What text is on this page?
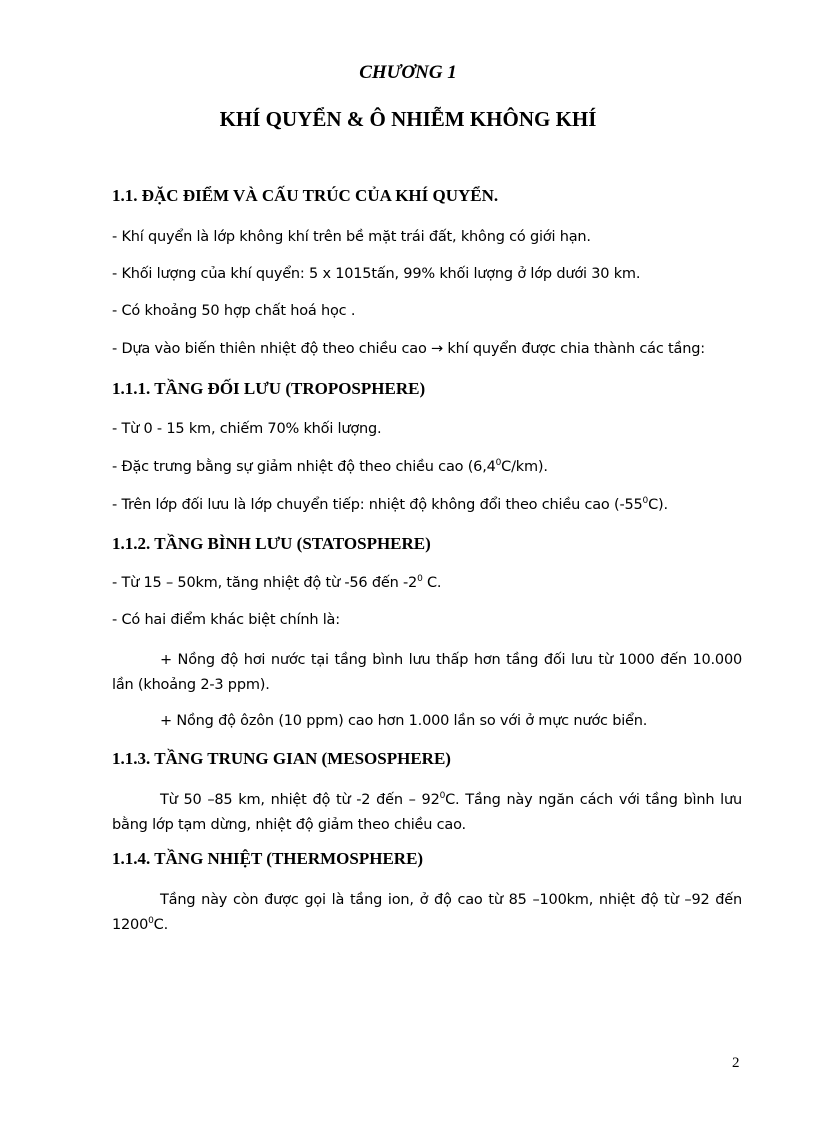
CHƯƠNG 1
KHÍ QUYỂN & Ô NHIỄM KHÔNG KHÍ
1.1. ĐẶC ĐIỂM VÀ CẤU TRÚC CỦA KHÍ QUYỂN.
- Khí quyển là lớp không khí trên bề mặt trái đất, không có giới hạn.
- Khối lượng của khí quyển: 5 x 1015tấn, 99% khối lượng ở lớp dưới 30 km.
- Có khoảng 50 hợp chất hoá học .
- Dựa vào biến thiên nhiệt độ theo chiều cao → khí quyển được chia thành các tầng:
1.1.1. TẦNG ĐỐI LƯU (TROPOSPHERE)
- Từ 0 - 15 km, chiếm 70% khối lượng.
- Đặc trưng bằng sự giảm nhiệt độ theo chiều cao $(6,4^0C/km)$.
- Trên lớp đối lưu là lớp chuyển tiếp: nhiệt độ không đổi theo chiều cao $(-55^0C)$.
1.1.2. TẦNG BÌNH LƯU (STATOSPHERE)
- Từ 15 – 50km, tăng nhiệt độ từ -56 đến $-2^0$ C.
- Có hai điểm khác biệt chính là:
+ Nồng độ hơi nước tại tầng bình lưu thấp hơn tầng đối lưu từ 1000 đến 10.000 lần (khoảng 2-3 ppm).
+ Nồng độ ôzôn (10 ppm) cao hơn 1.000 lần so với ở mực nước biển.
1.1.3. TẦNG TRUNG GIAN (MESOSPHERE)
Từ 50 –85 km, nhiệt độ từ -2 đến – $92^0C$. Tầng này ngăn cách với tầng bình lưu bằng lớp tạm dừng, nhiệt độ giảm theo chiều cao.
1.1.4. TẦNG NHIỆT (THERMOSPHERE)
Tầng này còn được gọi là tầng ion, ở độ cao từ 85 –100km, nhiệt độ từ –92 đến 1200$^0$C.
2
